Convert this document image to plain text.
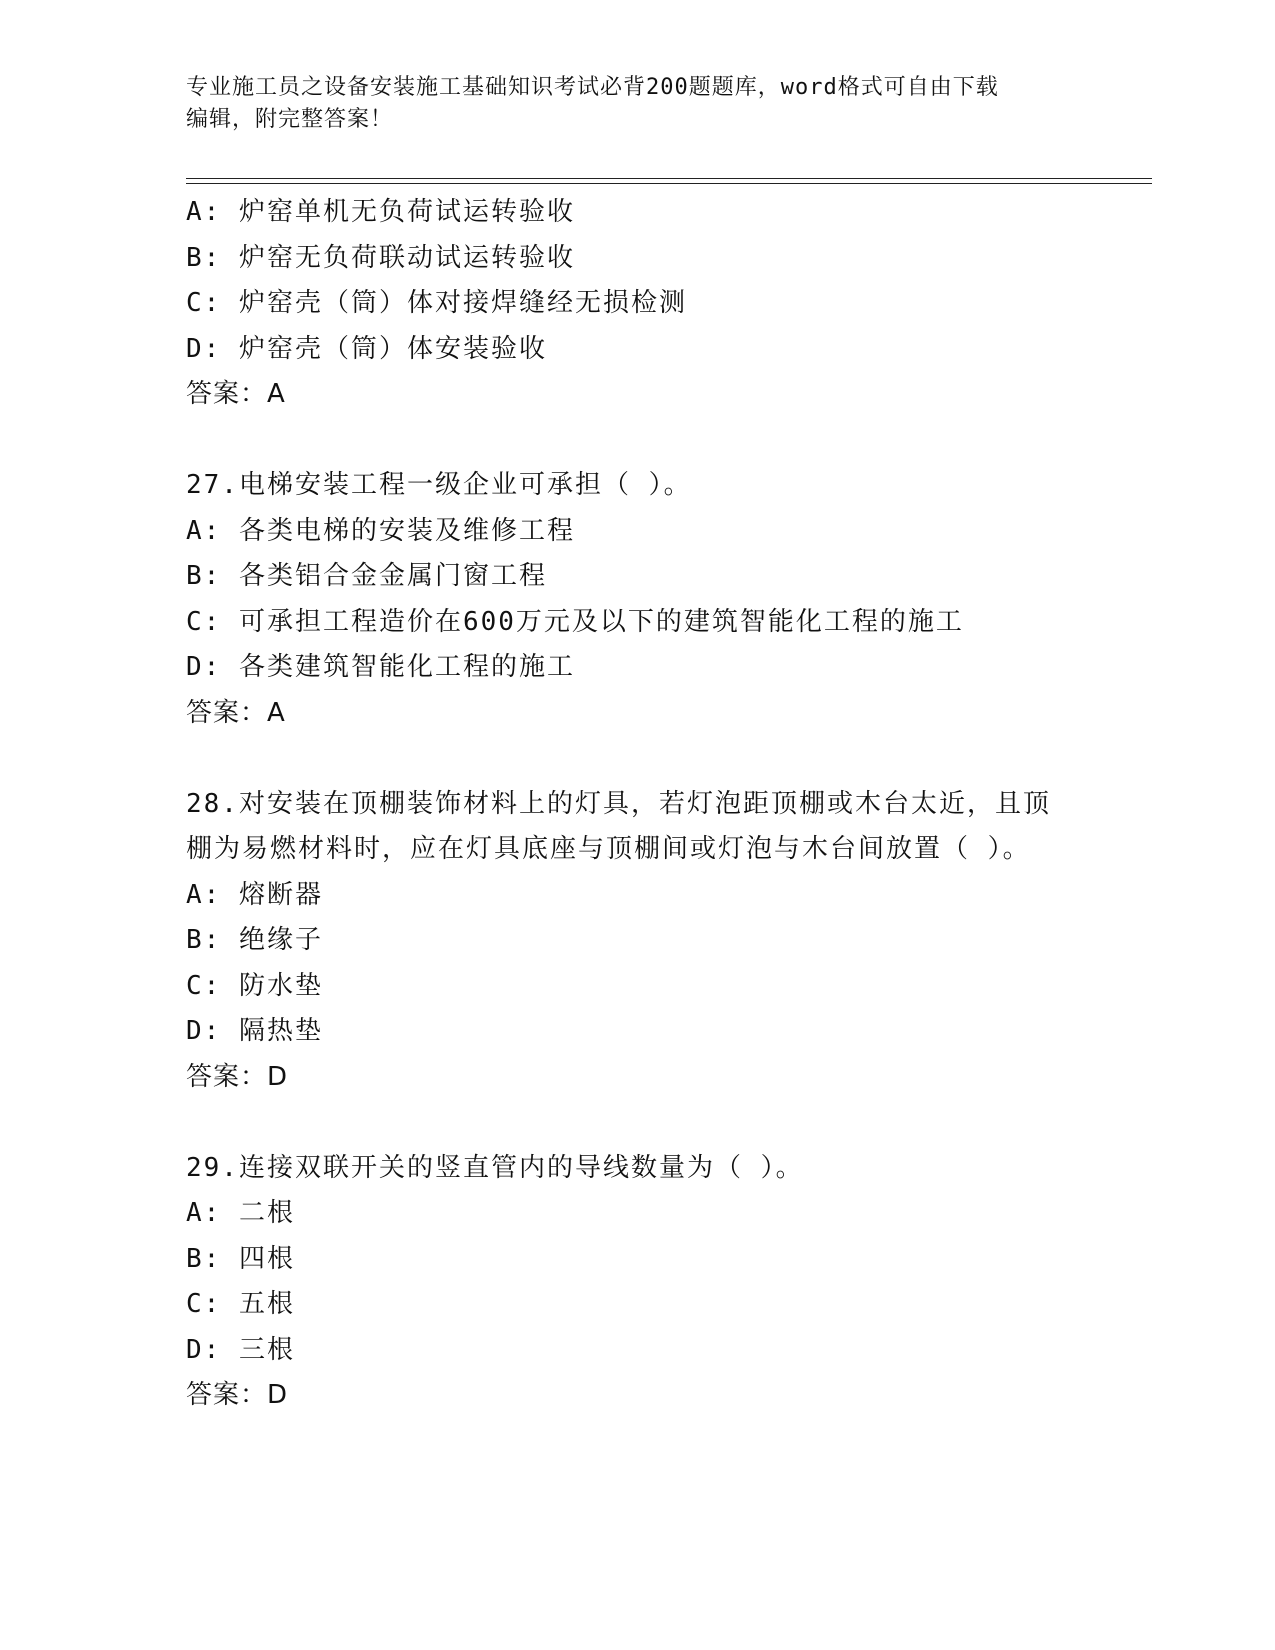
专业施工员之设备安装施工基础知识考试必背200题题库，word格式可自由下载
编辑，附完整答案！
A: 炉窑单机无负荷试运转验收
B: 炉窑无负荷联动试运转验收
C: 炉窑壳（筒）体对接焊缝经无损检测
D: 炉窑壳（筒）体安装验收
答案：A
27.电梯安装工程一级企业可承担（ ）。
A: 各类电梯的安装及维修工程
B: 各类铝合金金属门窗工程
C: 可承担工程造价在600万元及以下的建筑智能化工程的施工
D: 各类建筑智能化工程的施工
答案：A
28.对安装在顶棚装饰材料上的灯具，若灯泡距顶棚或木台太近，且顶
棚为易燃材料时，应在灯具底座与顶棚间或灯泡与木台间放置（ ）。
A: 熔断器
B: 绝缘子
C: 防水垫
D: 隔热垫
答案：D
29.连接双联开关的竖直管内的导线数量为（ ）。
A: 二根
B: 四根
C: 五根
D: 三根
答案：D
